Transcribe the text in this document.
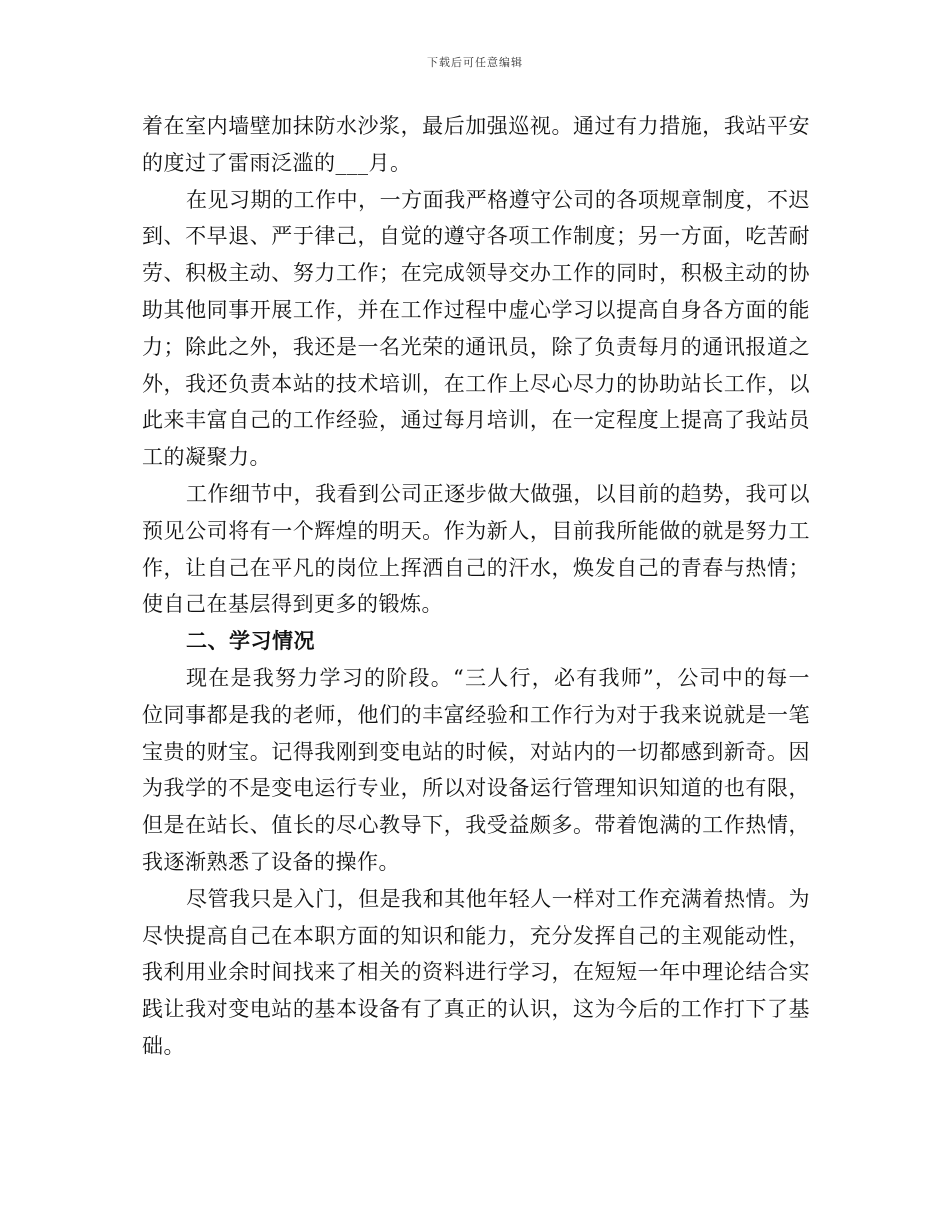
下载后可任意编辑

着在室内墙壁加抹防水沙浆，最后加强巡视。通过有力措施，我站平安的度过了雷雨泛滥的___月。

在见习期的工作中，一方面我严格遵守公司的各项规章制度，不迟到、不早退、严于律己，自觉的遵守各项工作制度；另一方面，吃苦耐劳、积极主动、努力工作；在完成领导交办工作的同时，积极主动的协助其他同事开展工作，并在工作过程中虚心学习以提高自身各方面的能力；除此之外，我还是一名光荣的通讯员，除了负责每月的通讯报道之外，我还负责本站的技术培训，在工作上尽心尽力的协助站长工作，以此来丰富自己的工作经验，通过每月培训，在一定程度上提高了我站员工的凝聚力。

工作细节中，我看到公司正逐步做大做强，以目前的趋势，我可以预见公司将有一个辉煌的明天。作为新人，目前我所能做的就是努力工作，让自己在平凡的岗位上挥洒自己的汗水，焕发自己的青春与热情；使自己在基层得到更多的锻炼。

二、学习情况

现在是我努力学习的阶段。“三人行，必有我师”，公司中的每一位同事都是我的老师，他们的丰富经验和工作行为对于我来说就是一笔宝贵的财宝。记得我刚到变电站的时候，对站内的一切都感到新奇。因为我学的不是变电运行专业，所以对设备运行管理知识知道的也有限，但是在站长、值长的尽心教导下，我受益颇多。带着饱满的工作热情，我逐渐熟悉了设备的操作。

尽管我只是入门，但是我和其他年轻人一样对工作充满着热情。为尽快提高自己在本职方面的知识和能力，充分发挥自己的主观能动性，我利用业余时间找来了相关的资料进行学习，在短短一年中理论结合实践让我对变电站的基本设备有了真正的认识，这为今后的工作打下了基础。
